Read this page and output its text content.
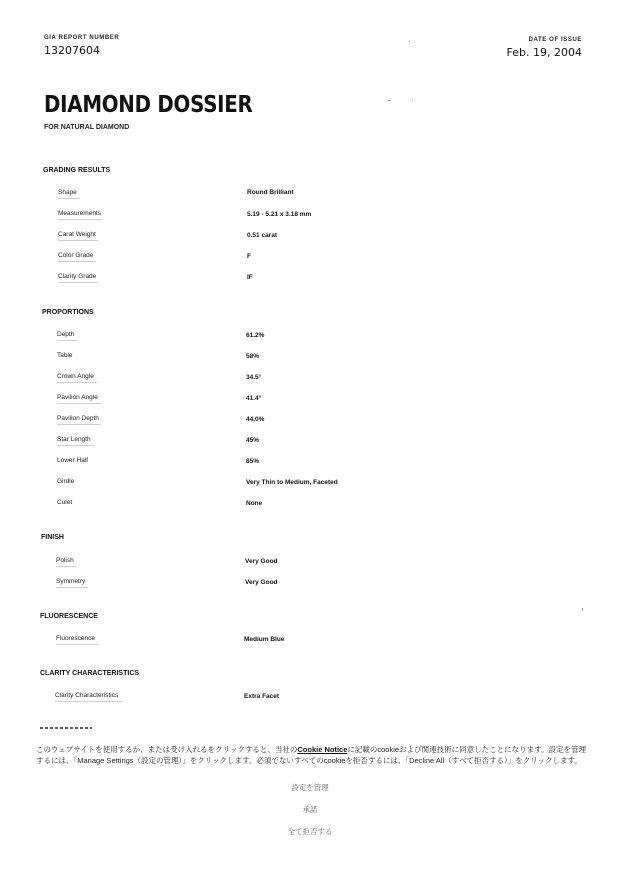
GIA REPORT NUMBER
13207604
DATE OF ISSUE
Feb. 19, 2004
DIAMOND DOSSIER
FOR NATURAL DIAMOND
GRADING RESULTS
Shape	Round Brilliant
Measurements	5.19 - 5.21 x 3.18 mm
Carat Weight	0.51 carat
Color Grade	F
Clarity Grade	IF
PROPORTIONS
Depth	61.2%
Table	58%
Crown Angle	34.5°
Pavilion Angle	41.4°
Pavilion Depth	44.0%
Star Length	45%
Lower Half	85%
Girdle	Very Thin to Medium, Faceted
Culet	None
FINISH
Polish	Very Good
Symmetry	Very Good
FLUORESCENCE
Fluorescence	Medium Blue
CLARITY CHARACTERISTICS
Clarity Characteristics	Extra Facet
このウェブサイトを使用するか、または受け入れるをクリックすると、当社のCookie Noticeに記載のcookieおよび関連技術に同意したことになります。設定を管理するには、「Manage Settings（設定の管理）」をクリックします。必須でないすべてのcookieを拒否するには、「Decline All（すべて拒否する）」をクリックします。
設定を管理
承諾
全て拒否する
